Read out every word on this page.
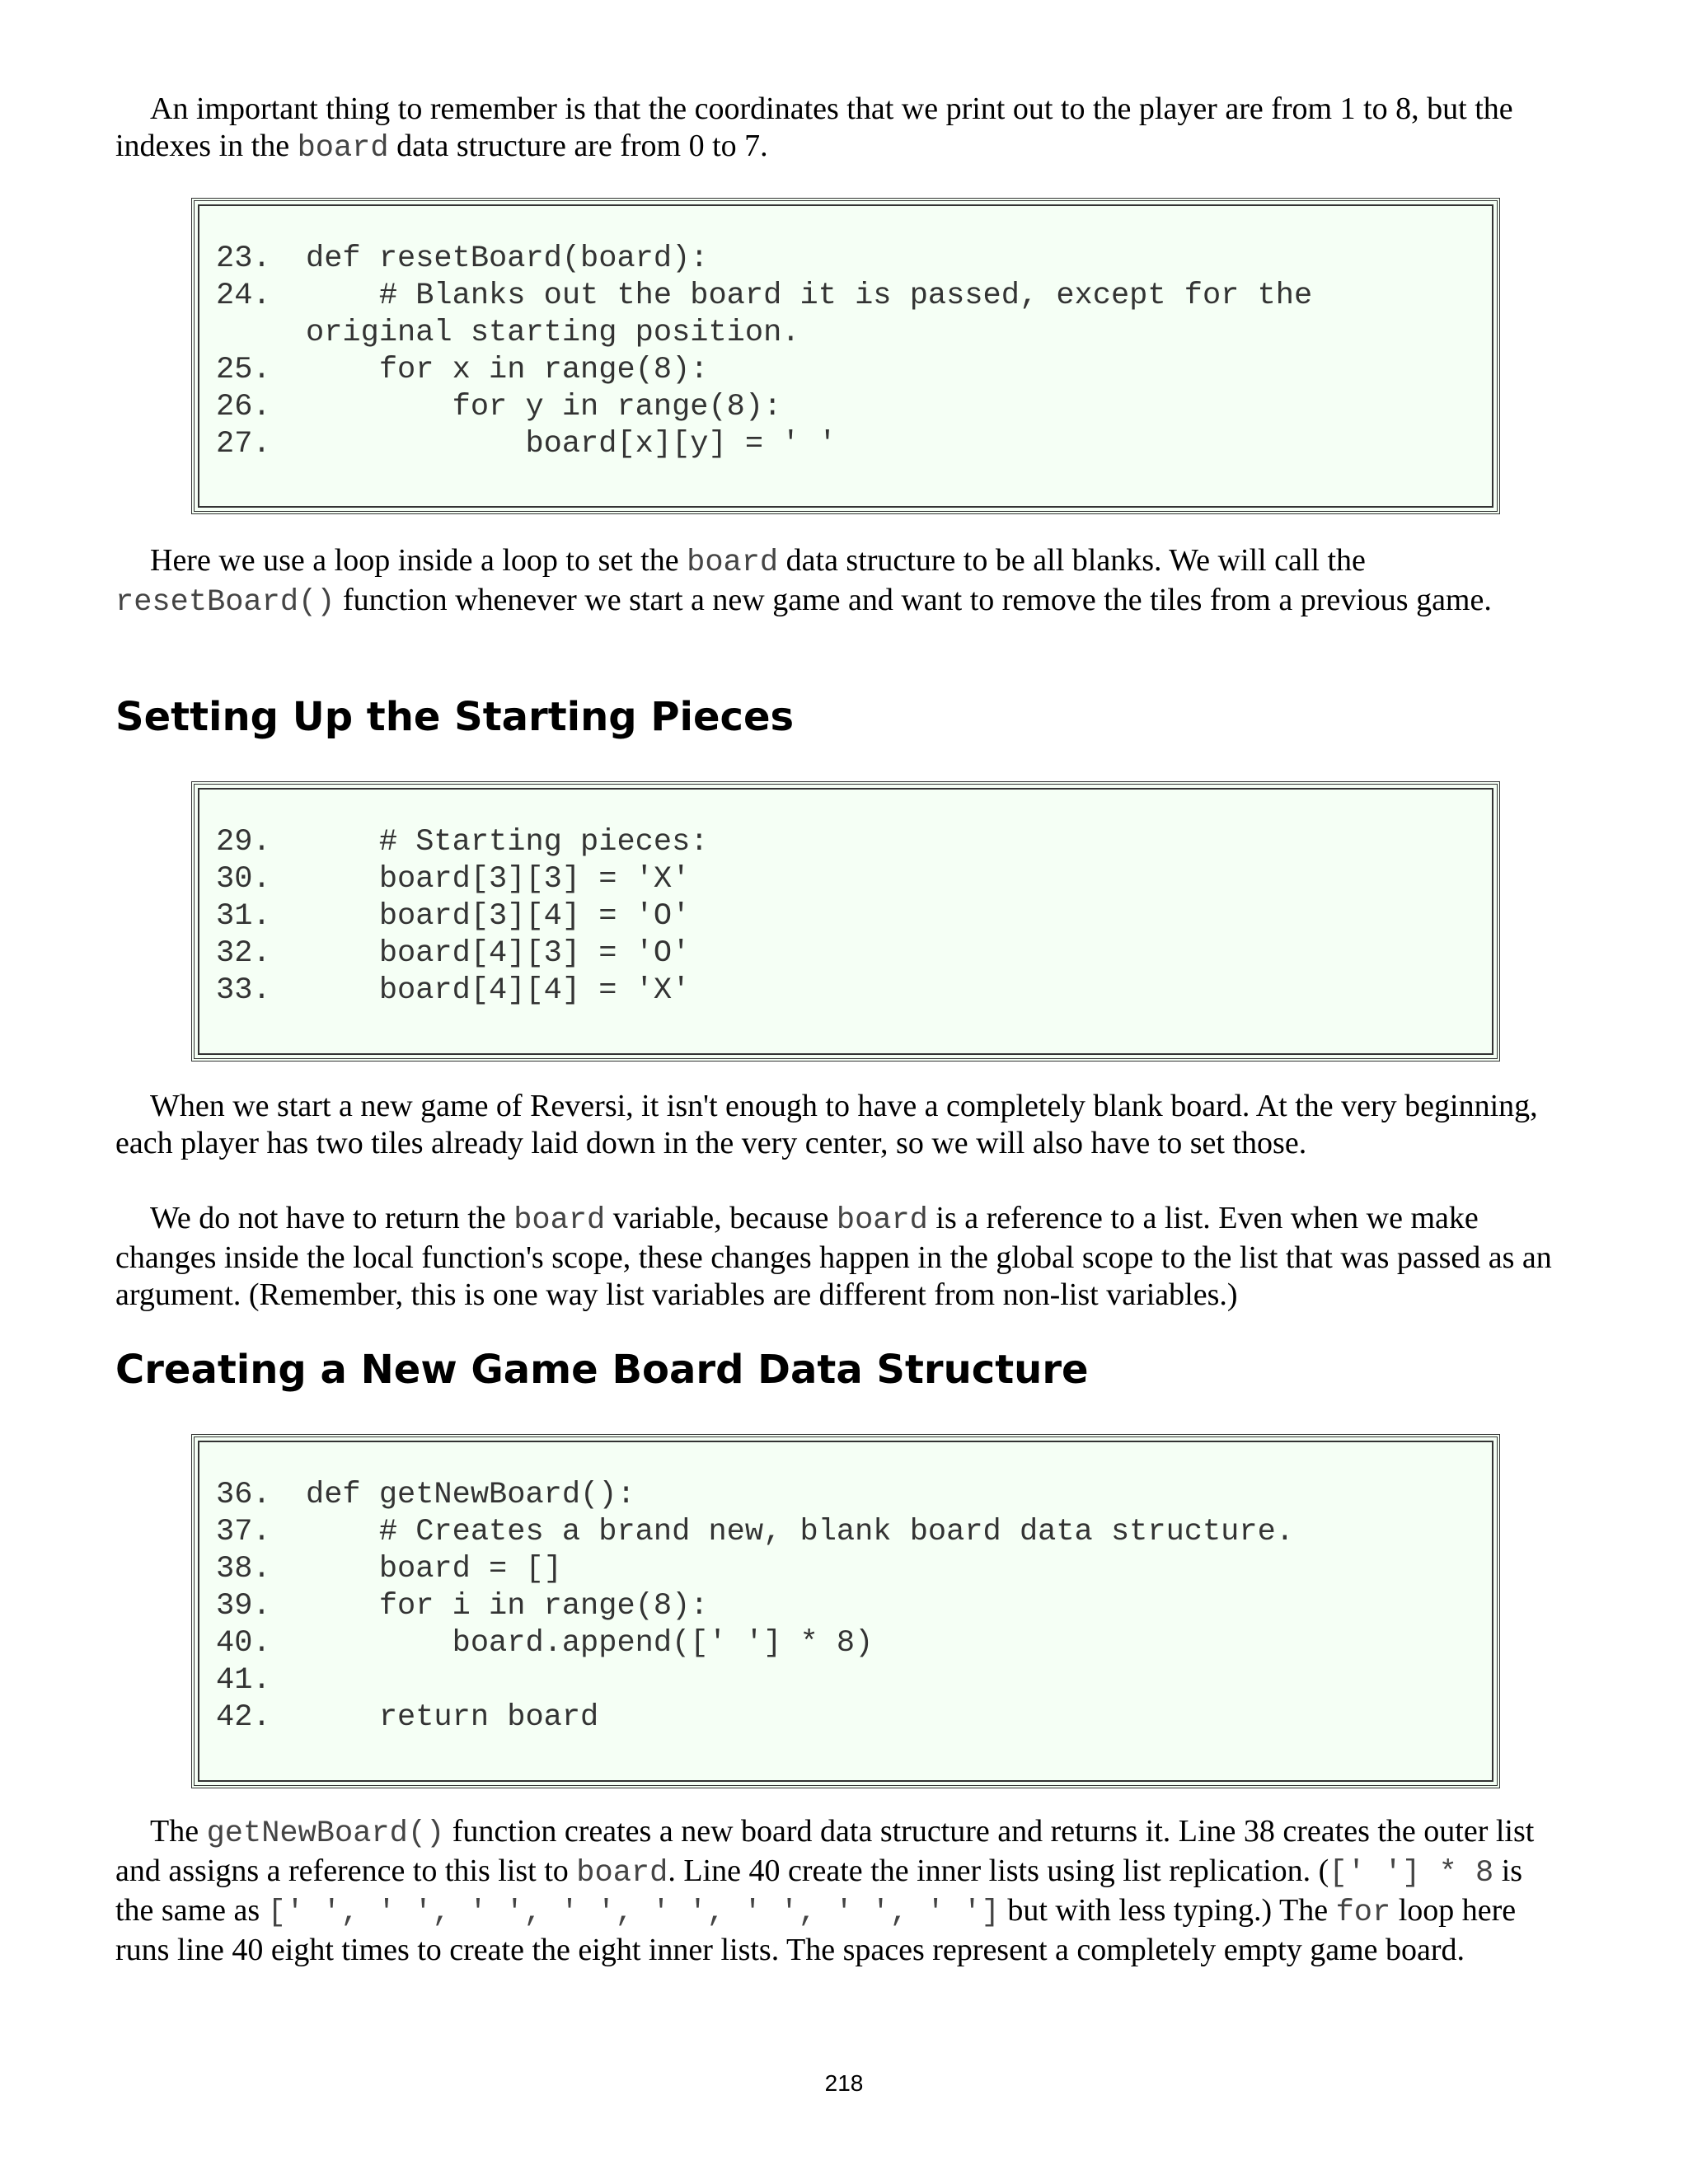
An important thing to remember is that the coordinates that we print out to the player are from 1 to 8, but the indexes in the board data structure are from 0 to 7.

23.	def resetBoard(board):
24.	# Blanks out the board it is passed, except for the
original starting position.
25.	for x in range(8):
26.	for y in range(8):
27.	board[x][y] = ' '

Here we use a loop inside a loop to set the board data structure to be all blanks. We will call the resetBoard() function whenever we start a new game and want to remove the tiles from a previous game.

Setting Up the Starting Pieces
29.	# Starting pieces:
30.	board[3][3] = 'X'
31.	board[3][4] = 'O'
32.	board[4][3] = 'O'
33.	board[4][4] = 'X'

When we start a new game of Reversi, it isn't enough to have a completely blank board. At the very beginning, each player has two tiles already laid down in the very center, so we will also have to set those.

We do not have to return the board variable, because board is a reference to a list. Even when we make changes inside the local function's scope, these changes happen in the global scope to the list that was passed as an argument. (Remember, this is one way list variables are different from non-list variables.)

Creating a New Game Board Data Structure
36.	def getNewBoard():
37.	# Creates a brand new, blank board data structure.
38.	board = []
39.	for i in range(8):
40.	board.append([' '] * 8)
41.
42.	return board

The getNewBoard() function creates a new board data structure and returns it. Line 38 creates the outer list and assigns a reference to this list to board. Line 40 create the inner lists using list replication. ([' '] * 8 is the same as [' ', ' ', ' ', ' ', ' ', ' ', ' ', ' '] but with less typing.) The for loop here runs line 40 eight times to create the eight inner lists. The spaces represent a completely empty game board.

218
